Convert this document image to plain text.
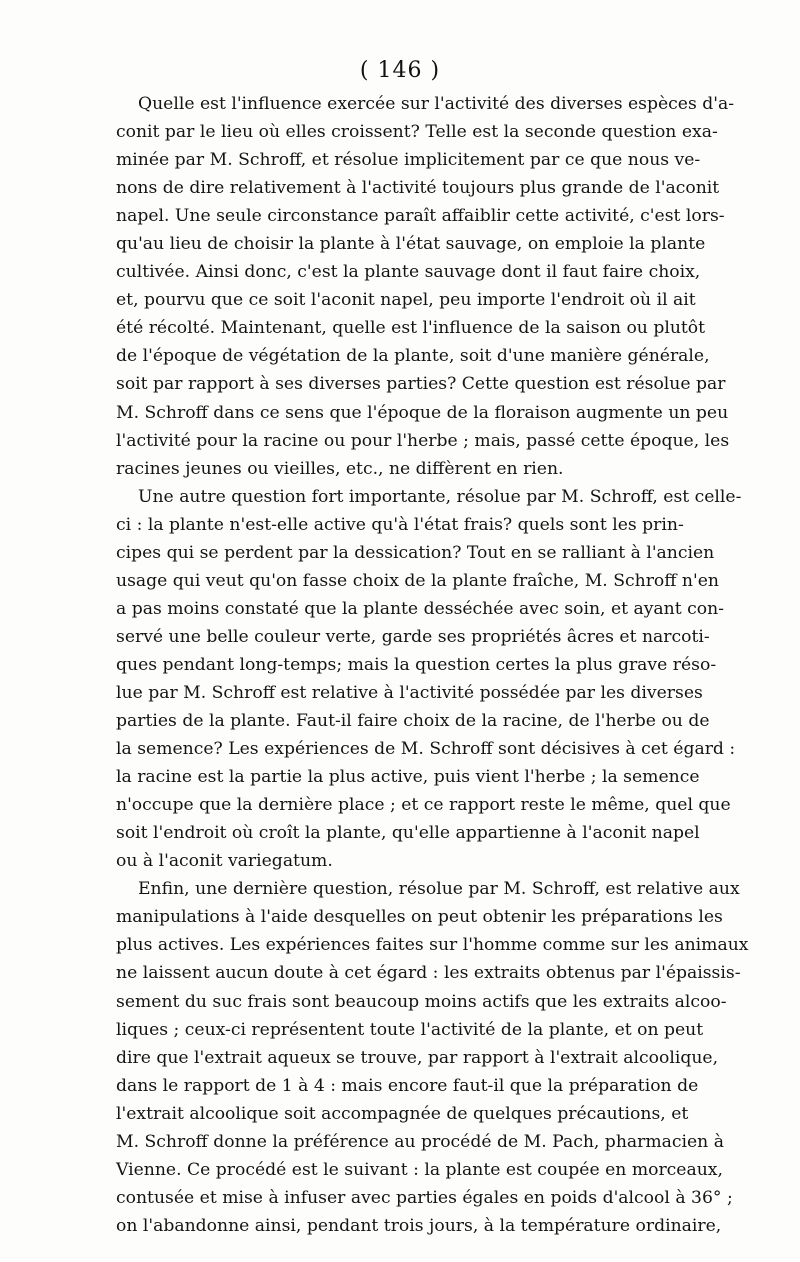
( 146 )
Quelle est l'influence exercée sur l'activité des diverses espèces d'a-
conit par le lieu où elles croissent? Telle est la seconde question exa-
minée par M. Schroff, et résolue implicitement par ce que nous ve-
nons de dire relativement à l'activité toujours plus grande de l'aconit
napel. Une seule circonstance paraît affaiblir cette activité, c'est lors-
qu'au lieu de choisir la plante à l'état sauvage, on emploie la plante
cultivée. Ainsi donc, c'est la plante sauvage dont il faut faire choix,
et, pourvu que ce soit l'aconit napel, peu importe l'endroit où il ait
été récolté. Maintenant, quelle est l'influence de la saison ou plutôt
de l'époque de végétation de la plante, soit d'une manière générale,
soit par rapport à ses diverses parties? Cette question est résolue par
M. Schroff dans ce sens que l'époque de la floraison augmente un peu
l'activité pour la racine ou pour l'herbe ; mais, passé cette époque, les
racines jeunes ou vieilles, etc., ne diffèrent en rien.
Une autre question fort importante, résolue par M. Schroff, est celle-
ci : la plante n'est-elle active qu'à l'état frais? quels sont les prin-
cipes qui se perdent par la dessication? Tout en se ralliant à l'ancien
usage qui veut qu'on fasse choix de la plante fraîche, M. Schroff n'en
a pas moins constaté que la plante desséchée avec soin, et ayant con-
servé une belle couleur verte, garde ses propriétés âcres et narcoti-
ques pendant long-temps; mais la question certes la plus grave réso-
lue par M. Schroff est relative à l'activité possédée par les diverses
parties de la plante. Faut-il faire choix de la racine, de l'herbe ou de
la semence? Les expériences de M. Schroff sont décisives à cet égard :
la racine est la partie la plus active, puis vient l'herbe ; la semence
n'occupe que la dernière place ; et ce rapport reste le même, quel que
soit l'endroit où croît la plante, qu'elle appartienne à l'aconit napel
ou à l'aconit variegatum.
Enfin, une dernière question, résolue par M. Schroff, est relative aux
manipulations à l'aide desquelles on peut obtenir les préparations les
plus actives. Les expériences faites sur l'homme comme sur les animaux
ne laissent aucun doute à cet égard : les extraits obtenus par l'épaissis-
sement du suc frais sont beaucoup moins actifs que les extraits alcoo-
liques ; ceux-ci représentent toute l'activité de la plante, et on peut
dire que l'extrait aqueux se trouve, par rapport à l'extrait alcoolique,
dans le rapport de 1 à 4 : mais encore faut-il que la préparation de
l'extrait alcoolique soit accompagnée de quelques précautions, et
M. Schroff donne la préférence au procédé de M. Pach, pharmacien à
Vienne. Ce procédé est le suivant : la plante est coupée en morceaux,
contusée et mise à infuser avec parties égales en poids d'alcool à 36° ;
on l'abandonne ainsi, pendant trois jours, à la température ordinaire,
